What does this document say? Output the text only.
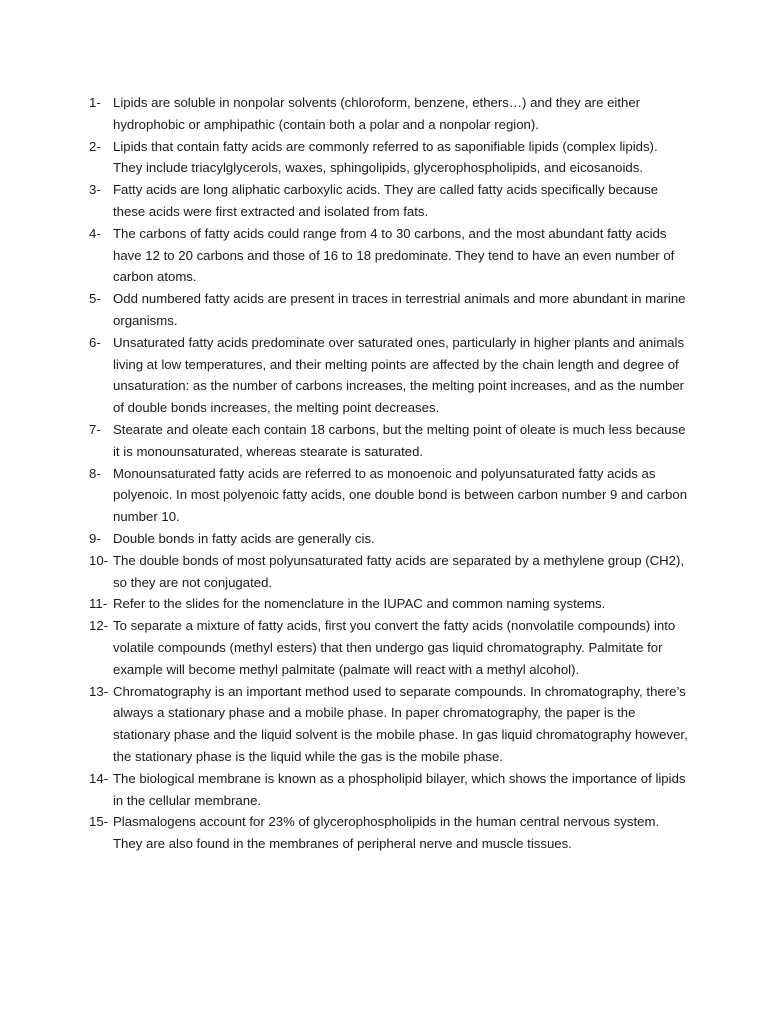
1- Lipids are soluble in nonpolar solvents (chloroform, benzene, ethers…) and they are either hydrophobic or amphipathic (contain both a polar and a nonpolar region).
2- Lipids that contain fatty acids are commonly referred to as saponifiable lipids (complex lipids). They include triacylglycerols, waxes, sphingolipids, glycerophospholipids, and eicosanoids.
3- Fatty acids are long aliphatic carboxylic acids. They are called fatty acids specifically because these acids were first extracted and isolated from fats.
4- The carbons of fatty acids could range from 4 to 30 carbons, and the most abundant fatty acids have 12 to 20 carbons and those of 16 to 18 predominate. They tend to have an even number of carbon atoms.
5- Odd numbered fatty acids are present in traces in terrestrial animals and more abundant in marine organisms.
6- Unsaturated fatty acids predominate over saturated ones, particularly in higher plants and animals living at low temperatures, and their melting points are affected by the chain length and degree of unsaturation: as the number of carbons increases, the melting point increases, and as the number of double bonds increases, the melting point decreases.
7- Stearate and oleate each contain 18 carbons, but the melting point of oleate is much less because it is monounsaturated, whereas stearate is saturated.
8- Monounsaturated fatty acids are referred to as monoenoic and polyunsaturated fatty acids as polyenoic. In most polyenoic fatty acids, one double bond is between carbon number 9 and carbon number 10.
9- Double bonds in fatty acids are generally cis.
10- The double bonds of most polyunsaturated fatty acids are separated by a methylene group (CH2), so they are not conjugated.
11- Refer to the slides for the nomenclature in the IUPAC and common naming systems.
12- To separate a mixture of fatty acids, first you convert the fatty acids (nonvolatile compounds) into volatile compounds (methyl esters) that then undergo gas liquid chromatography. Palmitate for example will become methyl palmitate (palmate will react with a methyl alcohol).
13- Chromatography is an important method used to separate compounds. In chromatography, there’s always a stationary phase and a mobile phase. In paper chromatography, the paper is the stationary phase and the liquid solvent is the mobile phase. In gas liquid chromatography however, the stationary phase is the liquid while the gas is the mobile phase.
14- The biological membrane is known as a phospholipid bilayer, which shows the importance of lipids in the cellular membrane.
15- Plasmalogens account for 23% of glycerophospholipids in the human central nervous system. They are also found in the membranes of peripheral nerve and muscle tissues.
